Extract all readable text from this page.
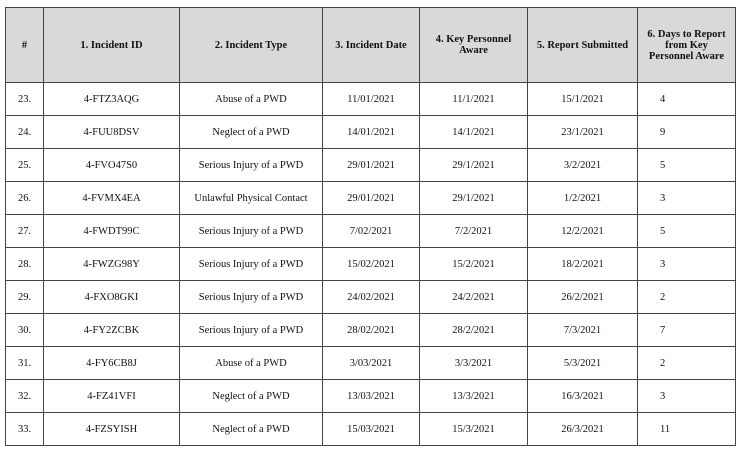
#	1. Incident ID	2. Incident Type	3. Incident Date	4. Key Personnel Aware	5. Report Submitted	6. Days to Report from Key Personnel Aware
23.	4-FTZ3AQG	Abuse of a PWD	11/01/2021	11/1/2021	15/1/2021	4
24.	4-FUU8DSV	Neglect of a PWD	14/01/2021	14/1/2021	23/1/2021	9
25.	4-FVO47S0	Serious Injury of a PWD	29/01/2021	29/1/2021	3/2/2021	5
26.	4-FVMX4EA	Unlawful Physical Contact	29/01/2021	29/1/2021	1/2/2021	3
27.	4-FWDT99C	Serious Injury of a PWD	7/02/2021	7/2/2021	12/2/2021	5
28.	4-FWZG98Y	Serious Injury of a PWD	15/02/2021	15/2/2021	18/2/2021	3
29.	4-FXO8GKI	Serious Injury of a PWD	24/02/2021	24/2/2021	26/2/2021	2
30.	4-FY2ZCBK	Serious Injury of a PWD	28/02/2021	28/2/2021	7/3/2021	7
31.	4-FY6CB8J	Abuse of a PWD	3/03/2021	3/3/2021	5/3/2021	2
32.	4-FZ41VFI	Neglect of a PWD	13/03/2021	13/3/2021	16/3/2021	3
33.	4-FZSYISH	Neglect of a PWD	15/03/2021	15/3/2021	26/3/2021	11
